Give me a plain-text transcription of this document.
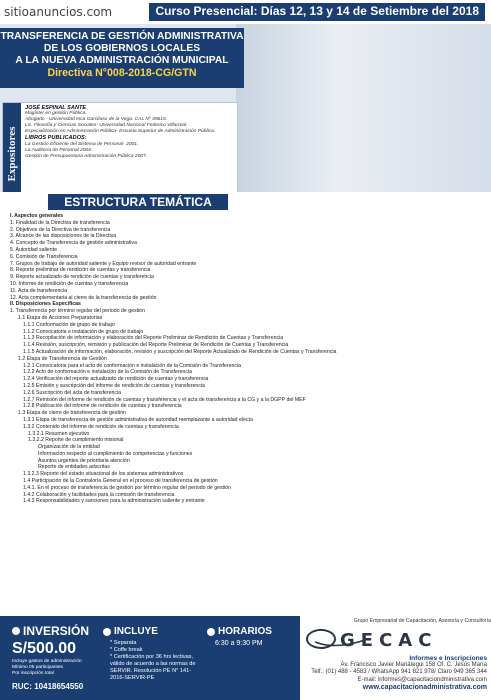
sitioanuncios.com	Curso Presencial: Días 12, 13 y 14 de Setiembre del 2018
TRANSFERENCIA DE GESTIÓN ADMINISTRATIVA
DE LOS GOBIERNOS LOCALES
A LA NUEVA ADMINISTRACIÓN MUNICIPAL
Directiva N°008-2018-CG/GTN
Expositores
JOSÉ ESPINAL SANTE
Magíster en gestión Pública.
Abogado - Universidad Inca Garcilaso de la Vega. CAL Nº 49615.
Lic. Filosofía y Ciencias Sociales- Universidad Nacional Federico Villarreal.
Especialización en Administración Pública- Escuela Superior de Administración Pública.
LIBROS PUBLICADOS:
La Gestión Eficiente del Sistema de Personal- 2001.
La Auditoría de Personal 2004.
Gestión de Presupuestaria Administración Pública 2007.
ESTRUCTURA TEMÁTICA
I. Aspectos generales
1. Finalidad de la Directiva de transferencia
2. Objetivos de la Directiva de transferencia
3. Alcance de las disposiciones de la Directiva
4. Concepto de Transferencia de gestión administrativa
5. Autoridad saliente
6. Comisión de Transferencia
7. Grupos de trabajo de autoridad saliente y Equipo revisor de autoridad entrante
8. Reporte preliminar de rendición de cuentas y transferencia
9. Reporte actualizado de rendición de cuentas y transferencia
10. Informe de rendición de cuentas y transferencia
11. Acta de transferencia
12. Acta complementaria al cierre de la transferencia de gestión
II. Disposiciones Específicas
1. Transferencia por término regular del periodo de gestión
1.1 Etapa de Acciones Preparatorias
1.1.1 Conformación de grupo de trabajo
1.1.2 Convocatoria e instalación de grupo de trabajo
1.1.3 Recopilación de información y elaboración del Reporte Preliminar de Rendición de Cuentas y Transferencia
1.1.4 Revisión, suscripción, remisión y publicación del Reporte Preliminar de Rendición de Cuentas y Transferencia
1.1.5 Actualización de información, elaboración, revisión y suscripción del Reporte Actualizado de Rendición de Cuentas y Transferencia
1.2 Etapa de Transferencia de Gestión
1.2.1 Convocatoria para el acto de conformación e instalación de la Comisión de Transferencia
1.2.2 Acto de conformación e instalación de la Comisión de Transferencia
1.2.4 Verificación del reporte actualizado de rendición de cuentas y transferencia
1.2.5 Emisión y suscripción del informe de rendición de cuentas y transferencia
1.2.6 Suscripción del acta de transferencia
1.2.7 Remisión del informe de rendición de cuentas y transferencia y el acta de transferencia a la CG y a la DGPP del MEF
1.2.8 Publicación del informe de rendición de cuentas y transferencia
1.3 Etapa de cierre de transferencia de gestión
1.3.1 Etapa de transferencia de gestión administrativa de autoridad reemplazante a autoridad electa
1.3.2 Contenido del informe de rendición de cuentas y transferencia
1.3.2.1 Resumen ejecutivo
1.3.2.2 Reporte de cumplimiento misional
Organización de la entidad
Información respecto al cumplimiento de competencias y funciones
Asuntos urgentes de prioritaria atención
Reporte de entidades adscritas
1.3.2.3 Reporte del estado situacional de los sistemas administrativos
1.4 Participación de la Contraloría General en el proceso de transferencia de gestión
1.4.1. En el proceso de transferencia de gestión por término regular del periodo de gestión
1.4.2 Colaboración y facilidades para la comisión de transferencia
1.4.3 Responsabilidades y sanciones para la administración saliente y entrante
INVERSIÓN
S/500.00
Incluye gastos de administración
Mínimo 05 participantes
Por inscripción total
RUC: 10418654550
INCLUYE
* Separata
* Coffe break
* Certificación por 36 hrs lectivas, válido de acuerdo a las normas de SERVIR. Resolución PE N° 141-2016-SERVIR-PE
HORARIOS
6:30 a 9:30 PM
Grupo Empresarial de Capacitación, Asesoría y Consultoría
GECAC
Informes e Inscripciones
Av. Francisco Javier Mariátegui 158 Of. C. Jesús María
Telf.: (01) 488 - 4583 / WhatsApp 941 821 978/ Claro 949 365 344
E-mail: informes@capacitaciondministrativa.com
www.capacitacionadministrativa.com
